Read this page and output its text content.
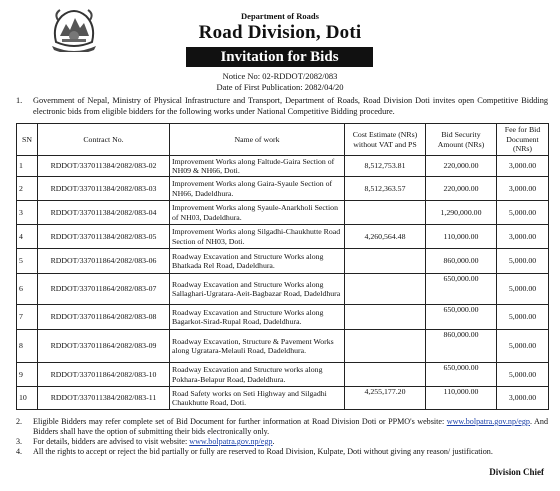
Department of Roads
Road Division, Doti
Invitation for Bids
Notice No: 02-RDDOT/2082/083
Date of First Publication: 2082/04/20
1. Government of Nepal, Ministry of Physical Infrastructure and Transport, Department of Roads, Road Division Doti invites open Competitive Bidding electronic bids from eligible bidders for the following works under National Competitive Bidding procedure.
SN	Contract No.	Name of work	Cost Estimate (NRs) without VAT and PS	Bid Security Amount (NRs)	Fee for Bid Document (NRs)
1	RDDOT/337011384/2082/083-02	Improvement Works along Faltude-Gaira Section of NH09 & NH66, Doti.	8,512,753.81	220,000.00	3,000.00
2	RDDOT/337011384/2082/083-03	Improvement Works along Gaira-Syaule Section of NH66, Dadeldhura.	8,512,363.57	220,000.00	3,000.00
3	RDDOT/337011384/2082/083-04	Improvement Works along Syaule-Anarkholi Section of NH03, Dadeldhura.		1,290,000.00	5,000.00
4	RDDOT/337011384/2082/083-05	Improvement Works along Silgadhi-Chaukhutte Road Section of NH03, Doti.	4,260,564.48	110,000.00	3,000.00
5	RDDOT/337011864/2082/083-06	Roadway Excavation and Structure Works along Bhatkada Rel Road, Dadeldhura.		860,000.00	5,000.00
6	RDDOT/337011864/2082/083-07	Roadway Excavation and Structure Works along Sallaghari-Ugratara-Aeit-Bagbazar Road, Dadeldhura		650,000.00	5,000.00
7	RDDOT/337011864/2082/083-08	Roadway Excavation and Structure Works along Bagarkot-Sirad-Rupal Road, Dadeldhura.		650,000.00	5,000.00
8	RDDOT/337011864/2082/083-09	Roadway Excavation, Structure & Pavement Works along Ugratara-Melauli Road, Dadeldhura.		860,000.00	5,000.00
9	RDDOT/337011864/2082/083-10	Roadway Excavation and Structure works along Pokhara-Belapur Road, Dadeldhura.		650,000.00	5,000.00
10	RDDOT/337011384/2082/083-11	Road Safety works on Seti Highway and Silgadhi Chaukhutte Road, Doti.	4,255,177.20	110,000.00	3,000.00
2. Eligible Bidders may refer complete set of Bid Document for further information at Road Division Doti or PPMO's website: www.bolpatra.gov.np/egp. And Bidders shall have the option of submitting their bids electronically only.
3. For details, bidders are advised to visit website: www.bolpatra.gov.np/egp.
4. All the rights to accept or reject the bid partially or fully are reserved to Road Division, Kulpate, Doti without giving any reason/ justification.
Division Chief
